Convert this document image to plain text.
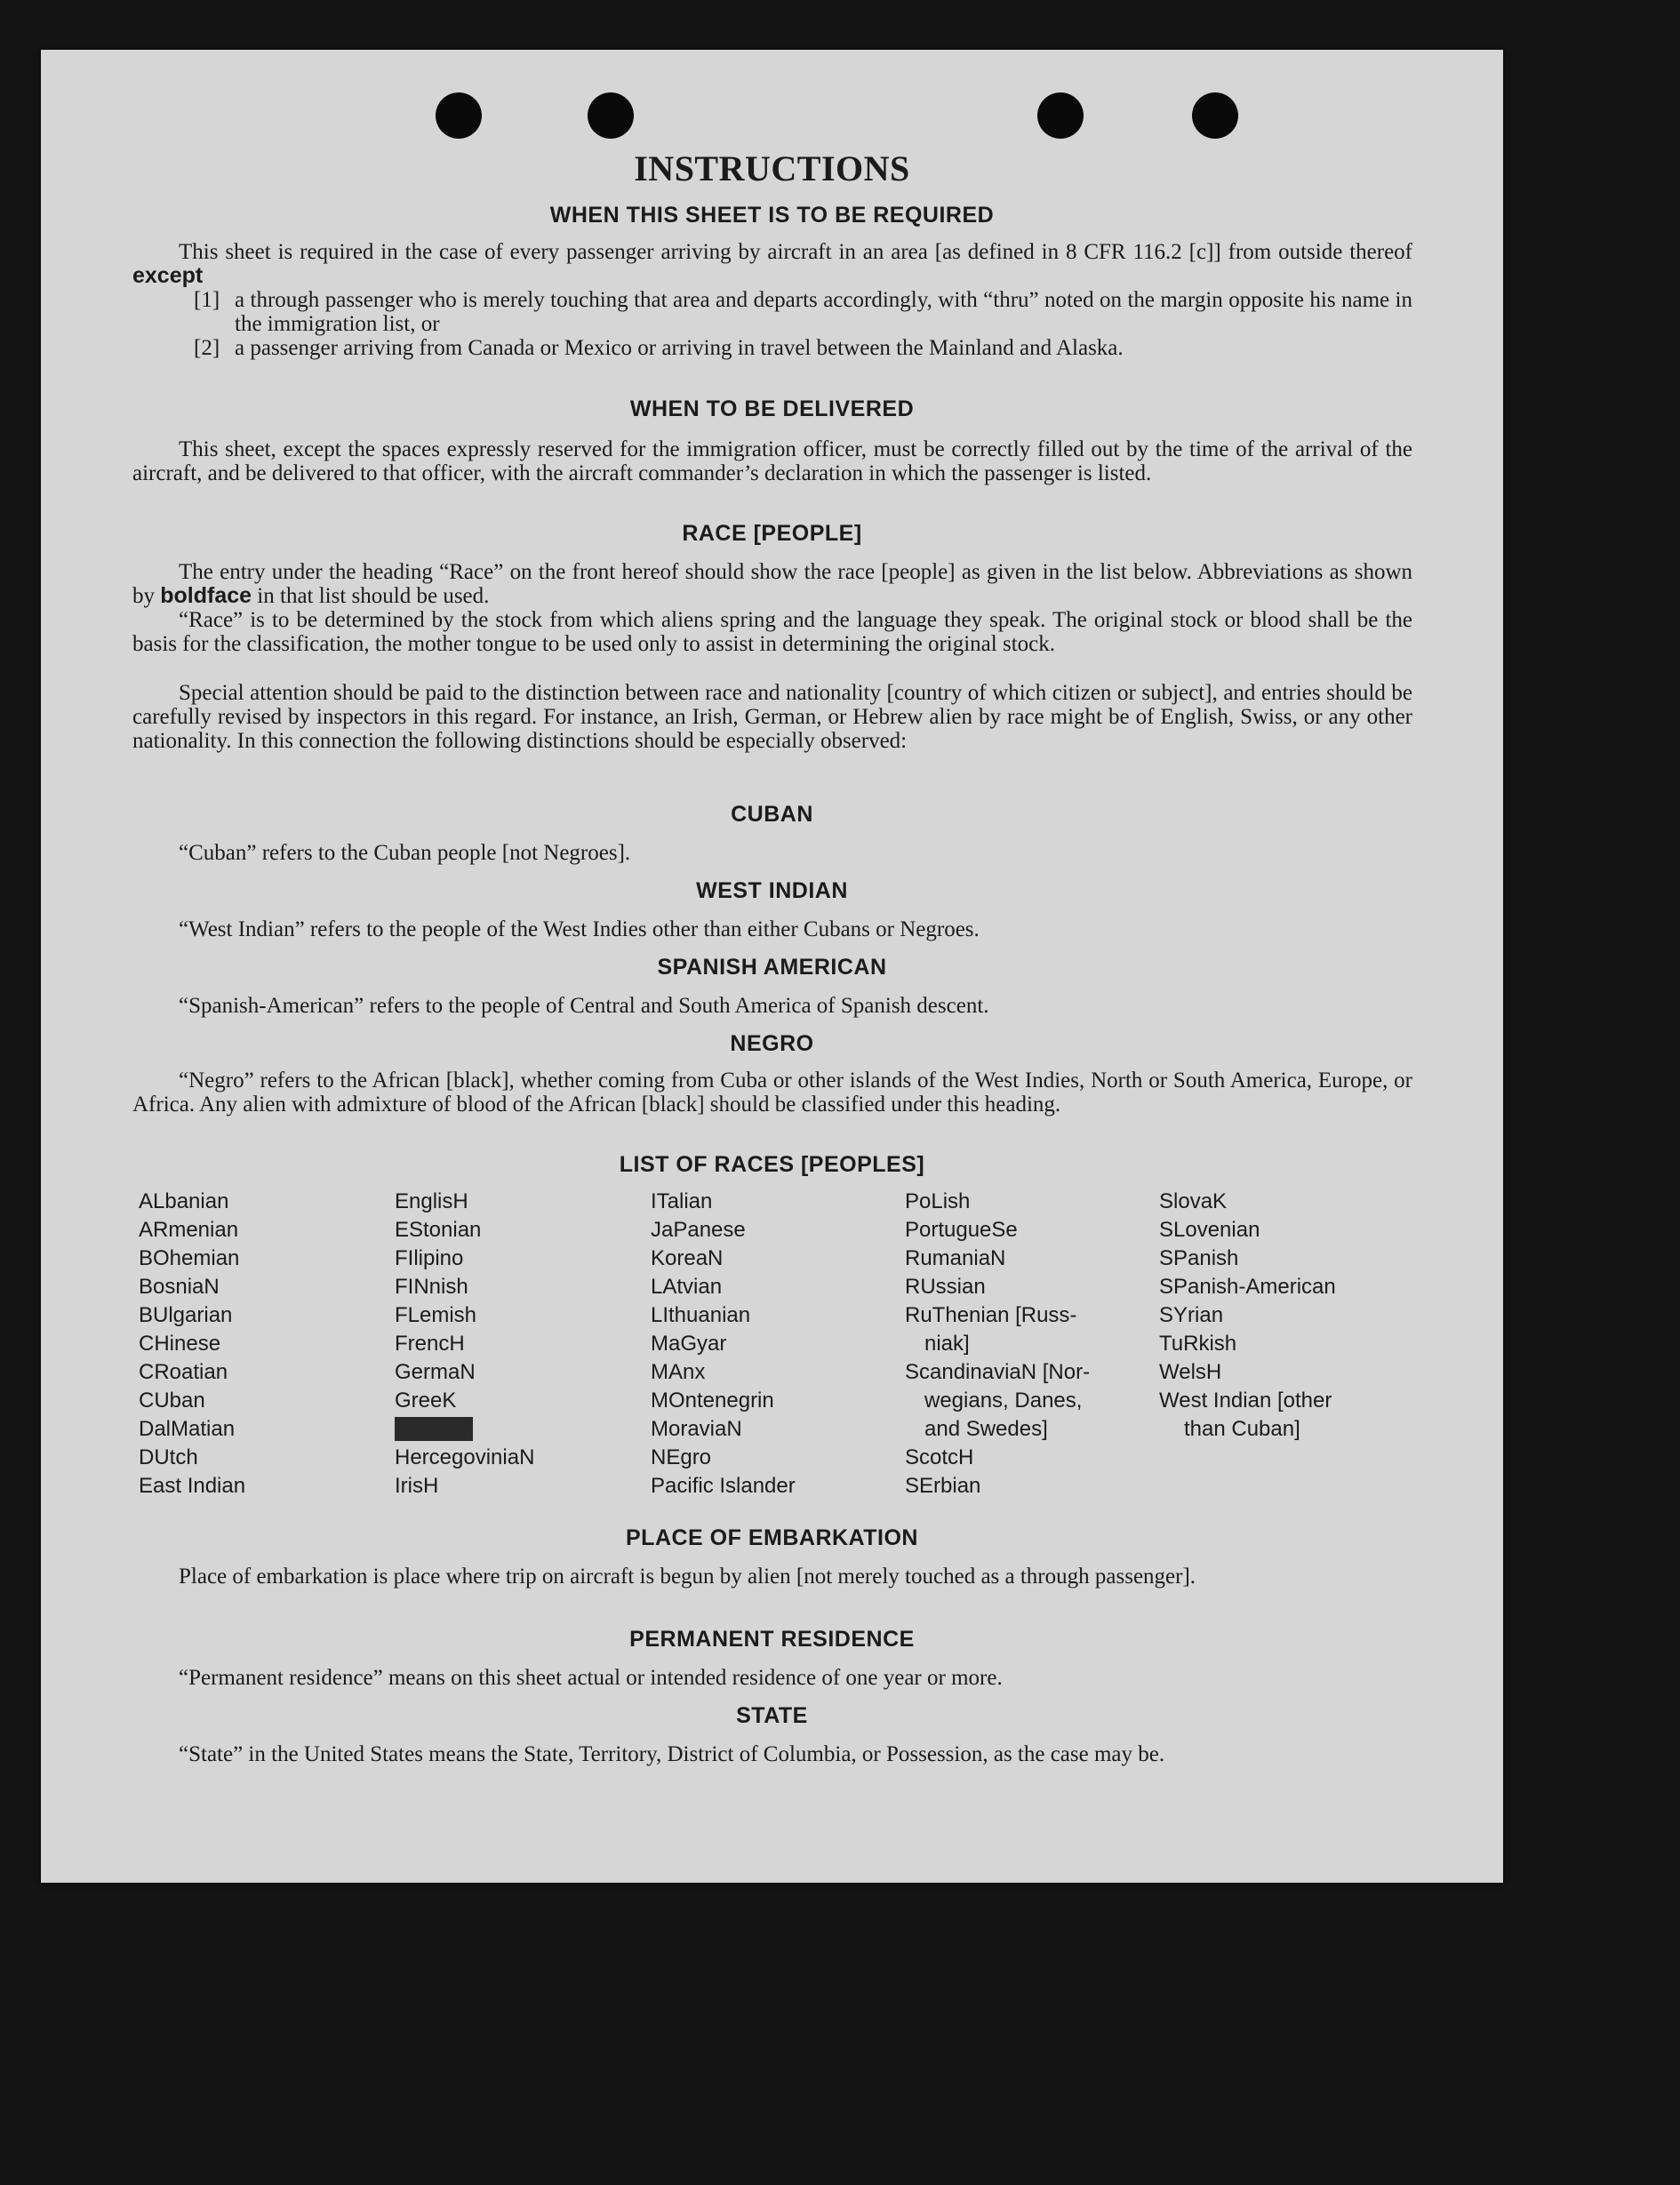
INSTRUCTIONS
WHEN THIS SHEET IS TO BE REQUIRED

This sheet is required in the case of every passenger arriving by aircraft in an area [as defined in 8 CFR 116.2 [c]] from outside thereof except

[1] a through passenger who is merely touching that area and departs accordingly, with “thru” noted on the margin opposite his name in the immigration list, or
[2] a passenger arriving from Canada or Mexico or arriving in travel between the Mainland and Alaska.
WHEN TO BE DELIVERED

This sheet, except the spaces expressly reserved for the immigration officer, must be correctly filled out by the time of the arrival of the aircraft, and be delivered to that officer, with the aircraft commander’s declaration in which the passenger is listed.

RACE [PEOPLE]

The entry under the heading “Race” on the front hereof should show the race [people] as given in the list below. Abbreviations as shown by boldface in that list should be used.

“Race” is to be determined by the stock from which aliens spring and the language they speak. The original stock or blood shall be the basis for the classification, the mother tongue to be used only to assist in determining the original stock.

Special attention should be paid to the distinction between race and nationality [country of which citizen or subject], and entries should be carefully revised by inspectors in this regard. For instance, an Irish, German, or Hebrew alien by race might be of English, Swiss, or any other nationality. In this connection the following distinctions should be especially observed:

CUBAN

“Cuban” refers to the Cuban people [not Negroes].

WEST INDIAN

“West Indian” refers to the people of the West Indies other than either Cubans or Negroes.

SPANISH AMERICAN

“Spanish-American” refers to the people of Central and South America of Spanish descent.

NEGRO

“Negro” refers to the African [black], whether coming from Cuba or other islands of the West Indies, North or South America, Europe, or Africa. Any alien with admixture of blood of the African [black] should be classified under this heading.

LIST OF RACES [PEOPLES]
ALbanian
ARmenian
BOhemian
BosniaN
BUlgarian
CHinese
CRoatian
CUban
DalMatian
DUtch
East Indian
EnglisH
EStonian
FIlipino
FINnish
FLemish
FrencH
GermaN
GreeK
HebreW
HercegoviniaN
IrisH
ITalian
JaPanese
KoreaN
LAtvian
LIthuanian
MaGyar
MAnx
MOntenegrin
MoraviaN
NEgro
Pacific Islander
PoLish
PortugueSe
RumaniaN
RUssian
RuThenian [Russ-
niak]
ScandinaviaN [Nor-
wegians, Danes,
and Swedes]
ScotcH
SErbian
SlovaK
SLovenian
SPanish
SPanish-American
SYrian
TuRkish
WelsH
West Indian [other
than Cuban]
PLACE OF EMBARKATION

Place of embarkation is place where trip on aircraft is begun by alien [not merely touched as a through passenger].

PERMANENT RESIDENCE

“Permanent residence” means on this sheet actual or intended residence of one year or more.

STATE

“State” in the United States means the State, Territory, District of Columbia, or Possession, as the case may be.
